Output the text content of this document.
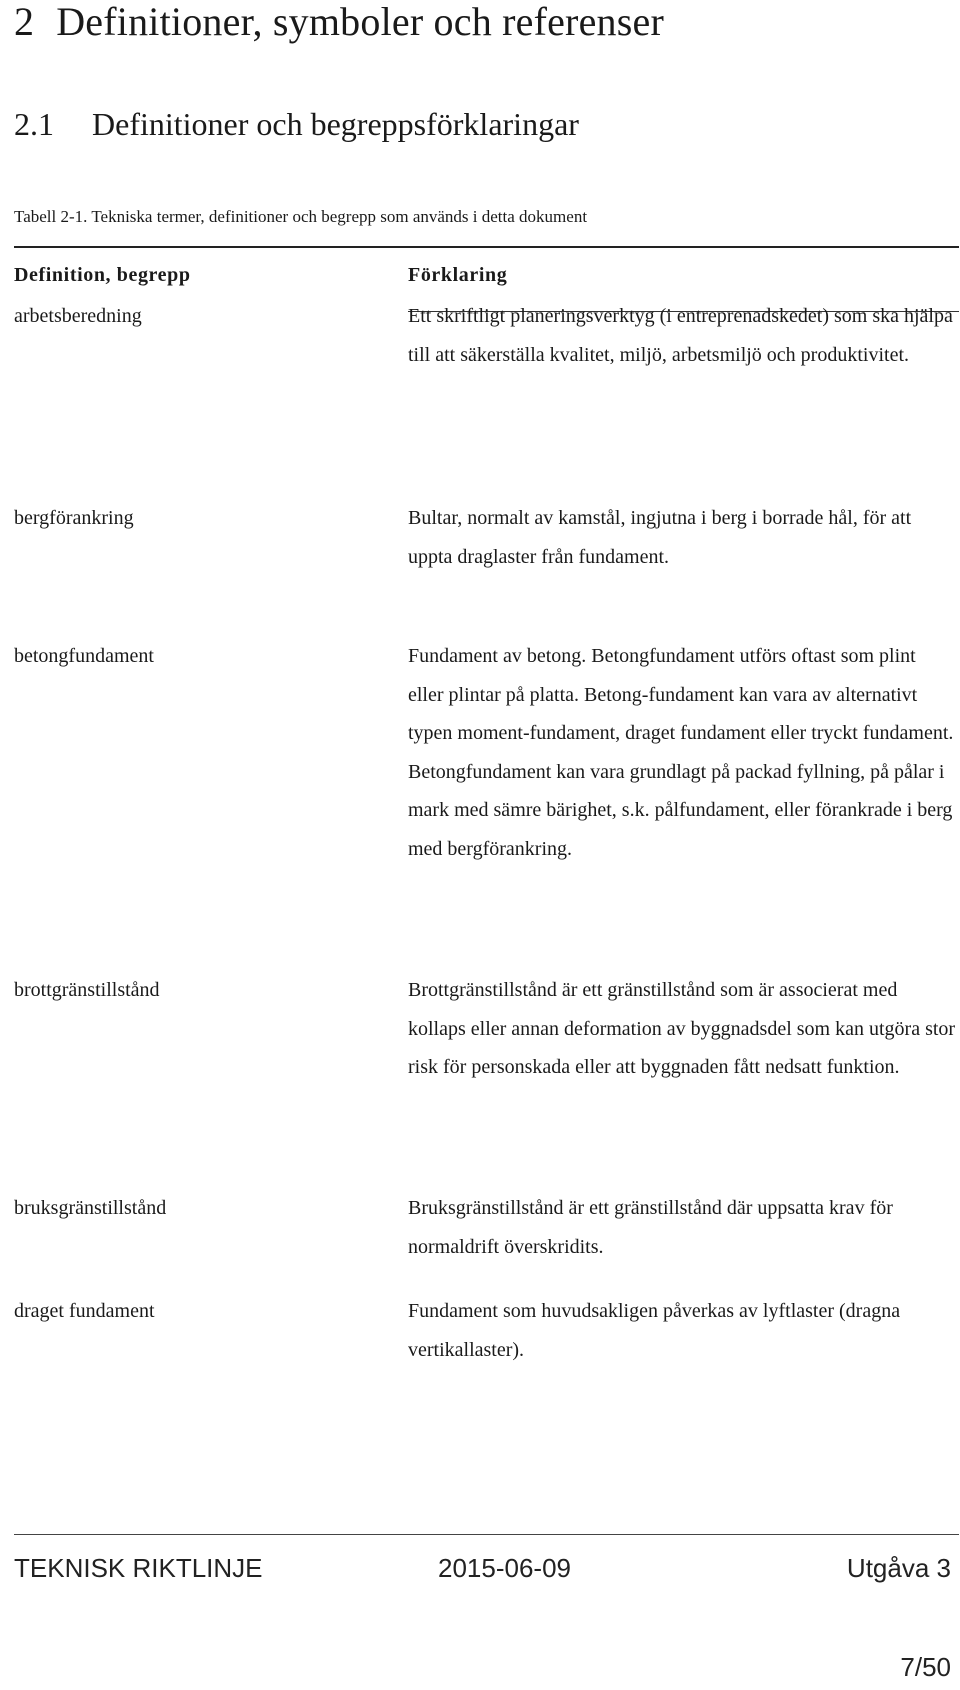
2 Definitioner, symboler och referenser
2.1 Definitioner och begreppsförklaringar
Tabell 2-1. Tekniska termer, definitioner och begrepp som används i detta dokument
Definition, begrepp	Förklaring
arbetsberedning	Ett skriftligt planeringsverktyg (i entreprenadskedet) som ska hjälpa till att säkerställa kvalitet, miljö, arbetsmiljö och produktivitet.
bergförankring	Bultar, normalt av kamstål, ingjutna i berg i borrade hål, för att uppta draglaster från fundament.
betongfundament	Fundament av betong. Betongfundament utförs oftast som plint eller plintar på platta. Betong-fundament kan vara av alternativt typen moment-fundament, draget fundament eller tryckt fundament. Betongfundament kan vara grundlagt på packad fyllning, på pålar i mark med sämre bärighet, s.k. pålfundament, eller förankrade i berg med bergförankring.
brottgränstillstånd	Brottgränstillstånd är ett gränstillstånd som är associerat med kollaps eller annan deformation av byggnadsdel som kan utgöra stor risk för personskada eller att byggnaden fått nedsatt funktion.
bruksgränstillstånd	Bruksgränstillstånd är ett gränstillstånd där uppsatta krav för normaldrift överskridits.
draget fundament	Fundament som huvudsakligen påverkas av lyftlaster (dragna vertikallaster).
TEKNISK RIKTLINJE	2015-06-09	Utgåva 3
7/50
